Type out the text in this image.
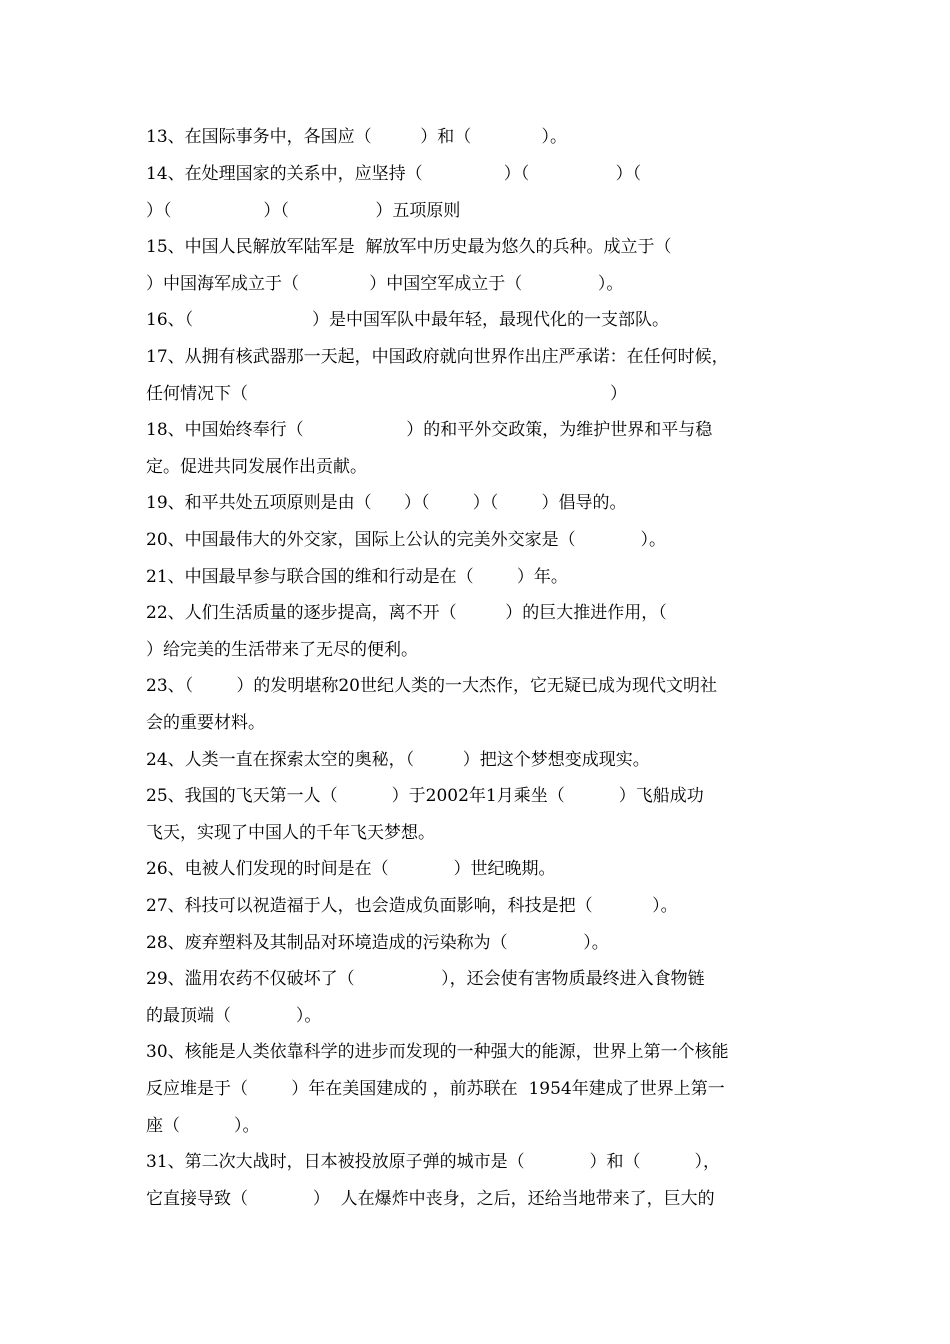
13、在国际事务中，各国应（         ）和（             ）。
14、在处理国家的关系中，应坚持（               ）（                ）（
）（                 ）（                ）五项原则
15、中国人民解放军陆军是  解放军中历史最为悠久的兵种。成立于（
）中国海军成立于（             ）中国空军成立于（              ）。
16、（                      ）是中国军队中最年轻，最现代化的一支部队。
17、从拥有核武器那一天起，中国政府就向世界作出庄严承诺：在任何时候，
任何情况下（                                                                   ）
18、中国始终奉行（                   ）的和平外交政策，为维护世界和平与稳
定。促进共同发展作出贡献。
19、和平共处五项原则是由（      ）（        ）（        ）倡导的。
20、中国最伟大的外交家，国际上公认的完美外交家是（            ）。
21、中国最早参与联合国的维和行动是在（        ）年。
22、人们生活质量的逐步提高，离不开（         ）的巨大推进作用，（
）给完美的生活带来了无尽的便利。
23、（        ）的发明堪称20世纪人类的一大杰作，它无疑已成为现代文明社
会的重要材料。
24、人类一直在探索太空的奥秘，（         ）把这个梦想变成现实。
25、我国的飞天第一人（          ）于2002年1月乘坐（          ）飞船成功
飞天，实现了中国人的千年飞天梦想。
26、电被人们发现的时间是在（            ）世纪晚期。
27、科技可以祝造福于人，也会造成负面影响，科技是把（           ）。
28、废弃塑料及其制品对环境造成的污染称为（              ）。
29、滥用农药不仅破坏了（                ），还会使有害物质最终进入食物链
的最顶端（            ）。
30、核能是人类依靠科学的进步而发现的一种强大的能源，世界上第一个核能
反应堆是于（        ）年在美国建成的 ，前苏联在  1954年建成了世界上第一
座（          ）。
31、第二次大战时，日本被投放原子弹的城市是（            ）和（          ），
它直接导致（            ）  人在爆炸中丧身，之后，还给当地带来了，巨大的
